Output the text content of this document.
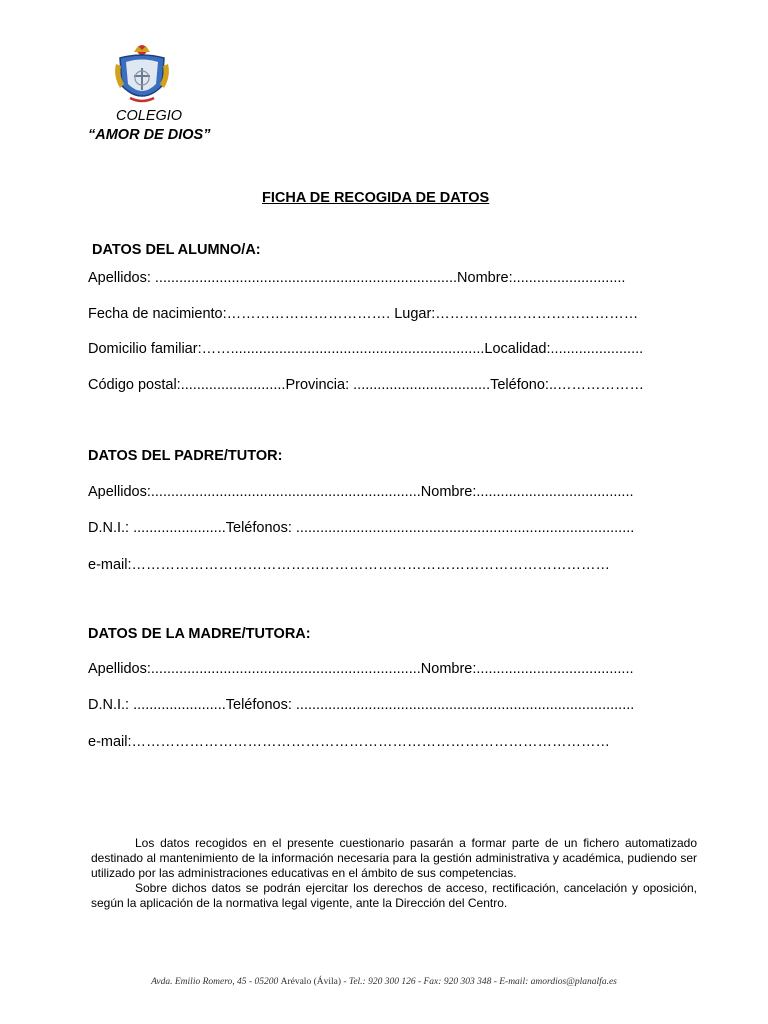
COLEGIO
“AMOR DE DIOS”
FICHA DE RECOGIDA DE DATOS
DATOS DEL ALUMNO/A:
Apellidos: ...........................................................................Nombre:............................
Fecha de nacimiento:……………………………. Lugar:……………………………………
Domicilio familiar:……...............................................................Localidad:.......................
Código postal:..........................Provincia: ..................................Teléfono:..………………
DATOS DEL PADRE/TUTOR:
Apellidos:...................................................................Nombre:.......................................
D.N.I.: .......................Teléfonos: ....................................................................................
e-mail:………………………………………………………………………………………
DATOS DE LA MADRE/TUTORA:
Apellidos:...................................................................Nombre:.......................................
D.N.I.: .......................Teléfonos: ....................................................................................
e-mail:………………………………………………………………………………………

Los datos recogidos en el presente cuestionario pasarán a formar parte de un fichero automatizado destinado al mantenimiento de la información necesaria para la gestión administrativa y académica, pudiendo ser utilizado por las administraciones educativas en el ámbito de sus competencias.

Sobre dichos datos se podrán ejercitar los derechos de acceso, rectificación, cancelación y oposición, según la aplicación de la normativa legal vigente, ante la Dirección del Centro.

Avda. Emilio Romero, 45 - 05200 Arévalo (Ávila) - Tel.: 920 300 126 - Fax: 920 303 348 - E-mail: amordios@planalfa.es
